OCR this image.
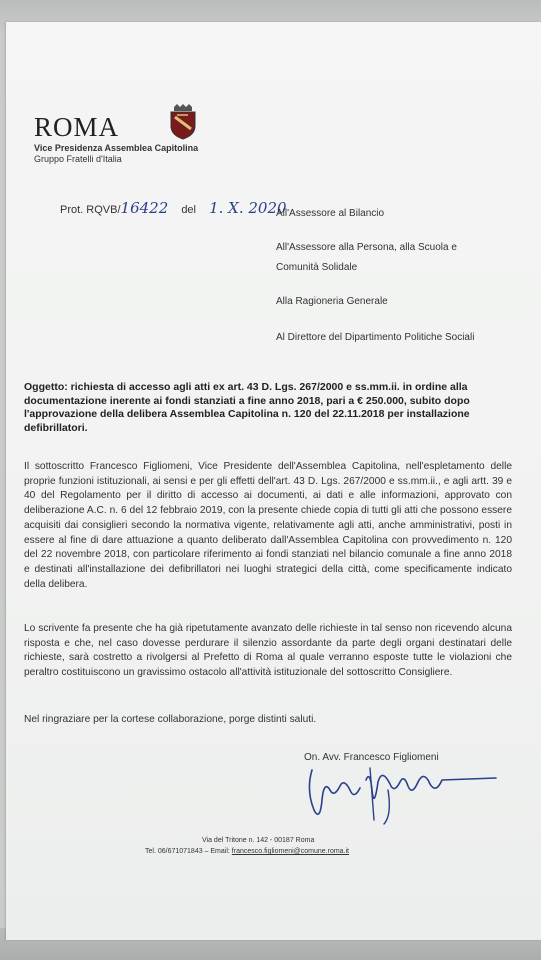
ROMA
Vice Presidenza Assemblea Capitolina
Gruppo Fratelli d'Italia
Prot. RQVB/16422 del 1. X. 2020
All'Assessore al Bilancio
All'Assessore alla Persona, alla Scuola e
Comunità Solidale
Alla Ragioneria Generale
Al Direttore del Dipartimento Politiche Sociali
Oggetto: richiesta di accesso agli atti ex art. 43 D. Lgs. 267/2000 e ss.mm.ii. in ordine alla documentazione inerente ai fondi stanziati a fine anno 2018, pari a € 250.000, subito dopo l'approvazione della delibera Assemblea Capitolina n. 120 del 22.11.2018 per installazione defibrillatori.
Il sottoscritto Francesco Figliomeni, Vice Presidente dell'Assemblea Capitolina, nell'espletamento delle proprie funzioni istituzionali, ai sensi e per gli effetti dell'art. 43 D. Lgs. 267/2000 e ss.mm.ii., e agli artt. 39 e 40 del Regolamento per il diritto di accesso ai documenti, ai dati e alle informazioni, approvato con deliberazione A.C. n. 6 del 12 febbraio 2019, con la presente chiede copia di tutti gli atti che possono essere acquisiti dai consiglieri secondo la normativa vigente, relativamente agli atti, anche amministrativi, posti in essere al fine di dare attuazione a quanto deliberato dall'Assemblea Capitolina con provvedimento n. 120 del 22 novembre 2018, con particolare riferimento ai fondi stanziati nel bilancio comunale a fine anno 2018 e destinati all'installazione dei defibrillatori nei luoghi strategici della città, come specificamente indicato della delibera.
Lo scrivente fa presente che ha già ripetutamente avanzato delle richieste in tal senso non ricevendo alcuna risposta e che, nel caso dovesse perdurare il silenzio assordante da parte degli organi destinatari delle richieste, sarà costretto a rivolgersi al Prefetto di Roma al quale verranno esposte tutte le violazioni che peraltro costituiscono un gravissimo ostacolo all'attività istituzionale del sottoscritto Consigliere.
Nel ringraziare per la cortese collaborazione, porge distinti saluti.
On. Avv. Francesco Figliomeni
Via del Tritone n. 142 - 00187 Roma
Tel. 06/671071843 – Email: francesco.figliomeni@comune.roma.it
